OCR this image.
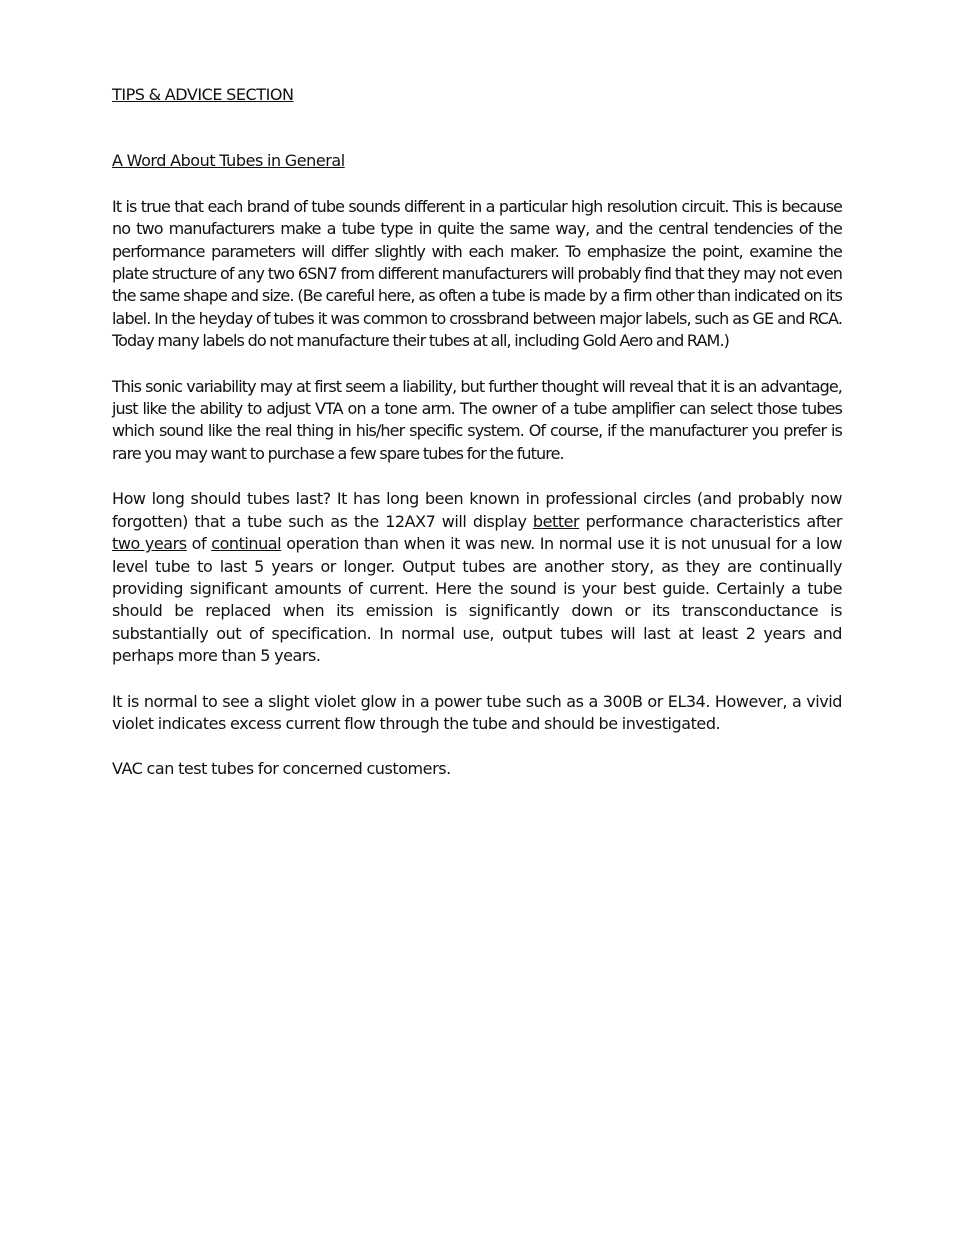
TIPS & ADVICE SECTION
A Word About Tubes in General

It is true that each brand of tube sounds different in a particular high resolution circuit. This is because no two manufacturers make a tube type in quite the same way, and the central tendencies of the performance parameters will differ slightly with each maker. To emphasize the point, examine the plate structure of any two 6SN7 from different manufacturers will probably find that they may not even the same shape and size. (Be careful here, as often a tube is made by a firm other than indicated on its label. In the heyday of tubes it was common to crossbrand between major labels, such as GE and RCA. Today many labels do not manufacture their tubes at all, including Gold Aero and RAM.)

This sonic variability may at first seem a liability, but further thought will reveal that it is an advantage, just like the ability to adjust VTA on a tone arm. The owner of a tube amplifier can select those tubes which sound like the real thing in his/her specific system. Of course, if the manufacturer you prefer is rare you may want to purchase a few spare tubes for the future.

How long should tubes last? It has long been known in professional circles (and probably now forgotten) that a tube such as the 12AX7 will display better performance characteristics after two years of continual operation than when it was new. In normal use it is not unusual for a low level tube to last 5 years or longer. Output tubes are another story, as they are continually providing significant amounts of current. Here the sound is your best guide. Certainly a tube should be replaced when its emission is significantly down or its transconductance is substantially out of specification. In normal use, output tubes will last at least 2 years and perhaps more than 5 years.

It is normal to see a slight violet glow in a power tube such as a 300B or EL34. However, a vivid violet indicates excess current flow through the tube and should be investigated.

VAC can test tubes for concerned customers.
